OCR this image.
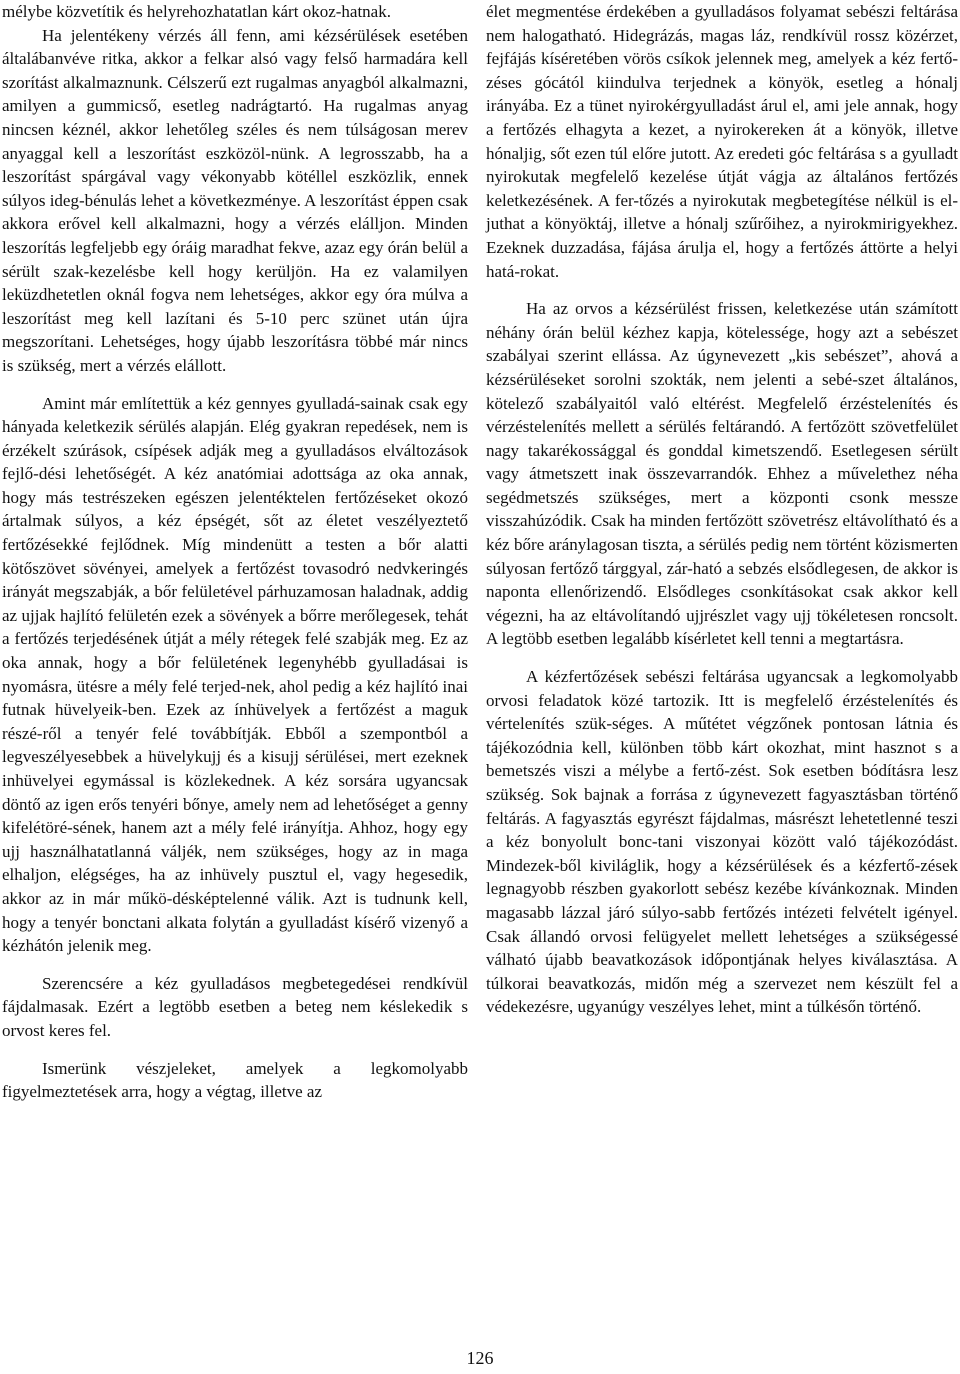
mélybe közvetítik és helyrehozhatatlan kárt okoz-hatnak.

Ha jelentékeny vérzés áll fenn, ami kézsérülések esetében általábanvéve ritka, akkor a felkar alsó vagy felső harmadára kell szorítást alkalmaznunk. Célszerű ezt rugalmas anyagból alkalmazni, amilyen a gummicső, esetleg nadrágtartó. Ha rugalmas anyag nincsen kéznél, akkor lehetőleg széles és nem túlságosan merev anyaggal kell a leszorítást eszközöl-nünk. A legrosszabb, ha a leszorítást spárgával vagy vékonyabb kötéllel eszközlik, ennek súlyos ideg-bénulás lehet a következménye. A leszorítást éppen csak akkora erővel kell alkalmazni, hogy a vérzés elálljon. Minden leszorítás legfeljebb egy óráig maradhat fekve, azaz egy órán belül a sérült szak-kezelésbe kell hogy kerüljön. Ha ez valamilyen leküzdhetetlen oknál fogva nem lehetséges, akkor egy óra múlva a leszorítást meg kell lazítani és 5-10 perc szünet után újra megszorítani. Lehetséges, hogy újabb leszorításra többé már nincs is szükség, mert a vérzés elállott.

Amint már említettük a kéz gennyes gyulladá-sainak csak egy hányada keletkezik sérülés alapján. Elég gyakran repedések, nem is érzékelt szúrások, csípések adják meg a gyulladásos elváltozások fejlő-dési lehetőségét. A kéz anatómiai adottsága az oka annak, hogy más testrészeken egészen jelentéktelen fertőzéseket okozó ártalmak súlyos, a kéz épségét, sőt az életet veszélyeztető fertőzésekké fejlődnek. Míg mindenütt a testen a bőr alatti kötőszövet sövényei, amelyek a fertőzést tovasodró nedvkeringés irányát megszabják, a bőr felületével párhuzamosan haladnak, addig az ujjak hajlító felületén ezek a sövények a bőrre merőlegesek, tehát a fertőzés terjedésének útját a mély rétegek felé szabják meg. Ez az oka annak, hogy a bőr felületének legenyhébb gyulladásai is nyomásra, ütésre a mély felé terjed-nek, ahol pedig a kéz hajlító inai futnak hüvelyeik-ben. Ezek az ínhüvelyek a fertőzést a maguk részé-ről a tenyér felé továbbítják. Ebből a szempontból a legveszélyesebbek a hüvelykujj és a kisujj sérülései, mert ezeknek inhüvelyei egymással is közlekednek. A kéz sorsára ugyancsak döntő az igen erős tenyéri bőnye, amely nem ad lehetőséget a genny kifelétöré-sének, hanem azt a mély felé irányítja. Ahhoz, hogy egy ujj használhatatlanná váljék, nem szükséges, hogy az in maga elhaljon, elégséges, ha az inhüvely pusztul el, vagy hegesedik, akkor az in már műkö-désképtelenné válik. Azt is tudnunk kell, hogy a tenyér bonctani alkata folytán a gyulladást kísérő vizenyő a kézhátón jelenik meg.

Szerencsére a kéz gyulladásos megbetegedései rendkívül fájdalmasak. Ezért a legtöbb esetben a beteg nem késlekedik s orvost keres fel.

Ismerünk vészjeleket, amelyek a legkomolyabb figyelmeztetések arra, hogy a végtag, illetve az

élet megmentése érdekében a gyulladásos folyamat sebészi feltárása nem halogatható. Hidegrázás, magas láz, rendkívül rossz közérzet, fejfájás kíséretében vörös csíkok jelennek meg, amelyek a kéz fertő-zéses gócától kiindulva terjednek a könyök, esetleg a hónalj irányába. Ez a tünet nyirokérgyulladást árul el, ami jele annak, hogy a fertőzés elhagyta a kezet, a nyirokereken át a könyök, illetve hónaljig, sőt ezen túl előre jutott. Az eredeti góc feltárása s a gyulladt nyirokutak megfelelő kezelése útját vágja az általános fertőzés keletkezésének. A fer-tőzés a nyirokutak megbetegítése nélkül is el-juthat a könyöktáj, illetve a hónalj szűrőihez, a nyirokmirigyekhez. Ezeknek duzzadása, fájása árulja el, hogy a fertőzés áttörte a helyi hatá-rokat.

Ha az orvos a kézsérülést frissen, keletkezése után számított néhány órán belül kézhez kapja, kötelessége, hogy azt a sebészet szabályai szerint ellássa. Az úgynevezett „kis sebészet”, ahová a kézsérüléseket sorolni szokták, nem jelenti a sebé-szet általános, kötelező szabályaitól való eltérést. Megfelelő érzéstelenítés és vérzéstelenítés mellett a sérülés feltárandó. A fertőzött szövetfelület nagy takarékossággal és gonddal kimetszendő. Esetlegesen sérült vagy átmetszett inak összevarrandók. Ehhez a művelethez néha segédmetszés szükséges, mert a központi csonk messze visszahúzódik. Csak ha minden fertőzött szövetrész eltávolítható és a kéz bőre aránylagosan tiszta, a sérülés pedig nem történt közismerten súlyosan fertőző tárggyal, zár-ható a sebzés elsődlegesen, de akkor is naponta ellenőrizendő. Elsődleges csonkításokat csak akkor kell végezni, ha az eltávolítandó ujjrészlet vagy ujj tökéletesen roncsolt. A legtöbb esetben legalább kísérletet kell tenni a megtartásra.

A kézfertőzések sebészi feltárása ugyancsak a legkomolyabb orvosi feladatok közé tartozik. Itt is megfelelő érzéstelenítés és vértelenítés szük-séges. A műtétet végzőnek pontosan látnia és tájékozódnia kell, különben több kárt okozhat, mint hasznot s a bemetszés viszi a mélybe a fertő-zést. Sok esetben bódításra lesz szükség. Sok bajnak a forrása z úgynevezett fagyasztásban történő feltárás. A fagyasztás egyrészt fájdalmas, másrészt lehetetlenné teszi a kéz bonyolult bonc-tani viszonyai között való tájékozódást. Mindezek-ből kiviláglik, hogy a kézsérülések és a kézfertő-zések legnagyobb részben gyakorlott sebész kezébe kívánkoznak. Minden magasabb lázzal járó súlyo-sabb fertőzés intézeti felvételt igényel. Csak állandó orvosi felügyelet mellett lehetséges a szükségessé válható újabb beavatkozások időpontjának helyes kiválasztása. A túlkorai beavatkozás, midőn még a szervezet nem készült fel a védekezésre, ugyanúgy veszélyes lehet, mint a túlkésőn történő.

126
